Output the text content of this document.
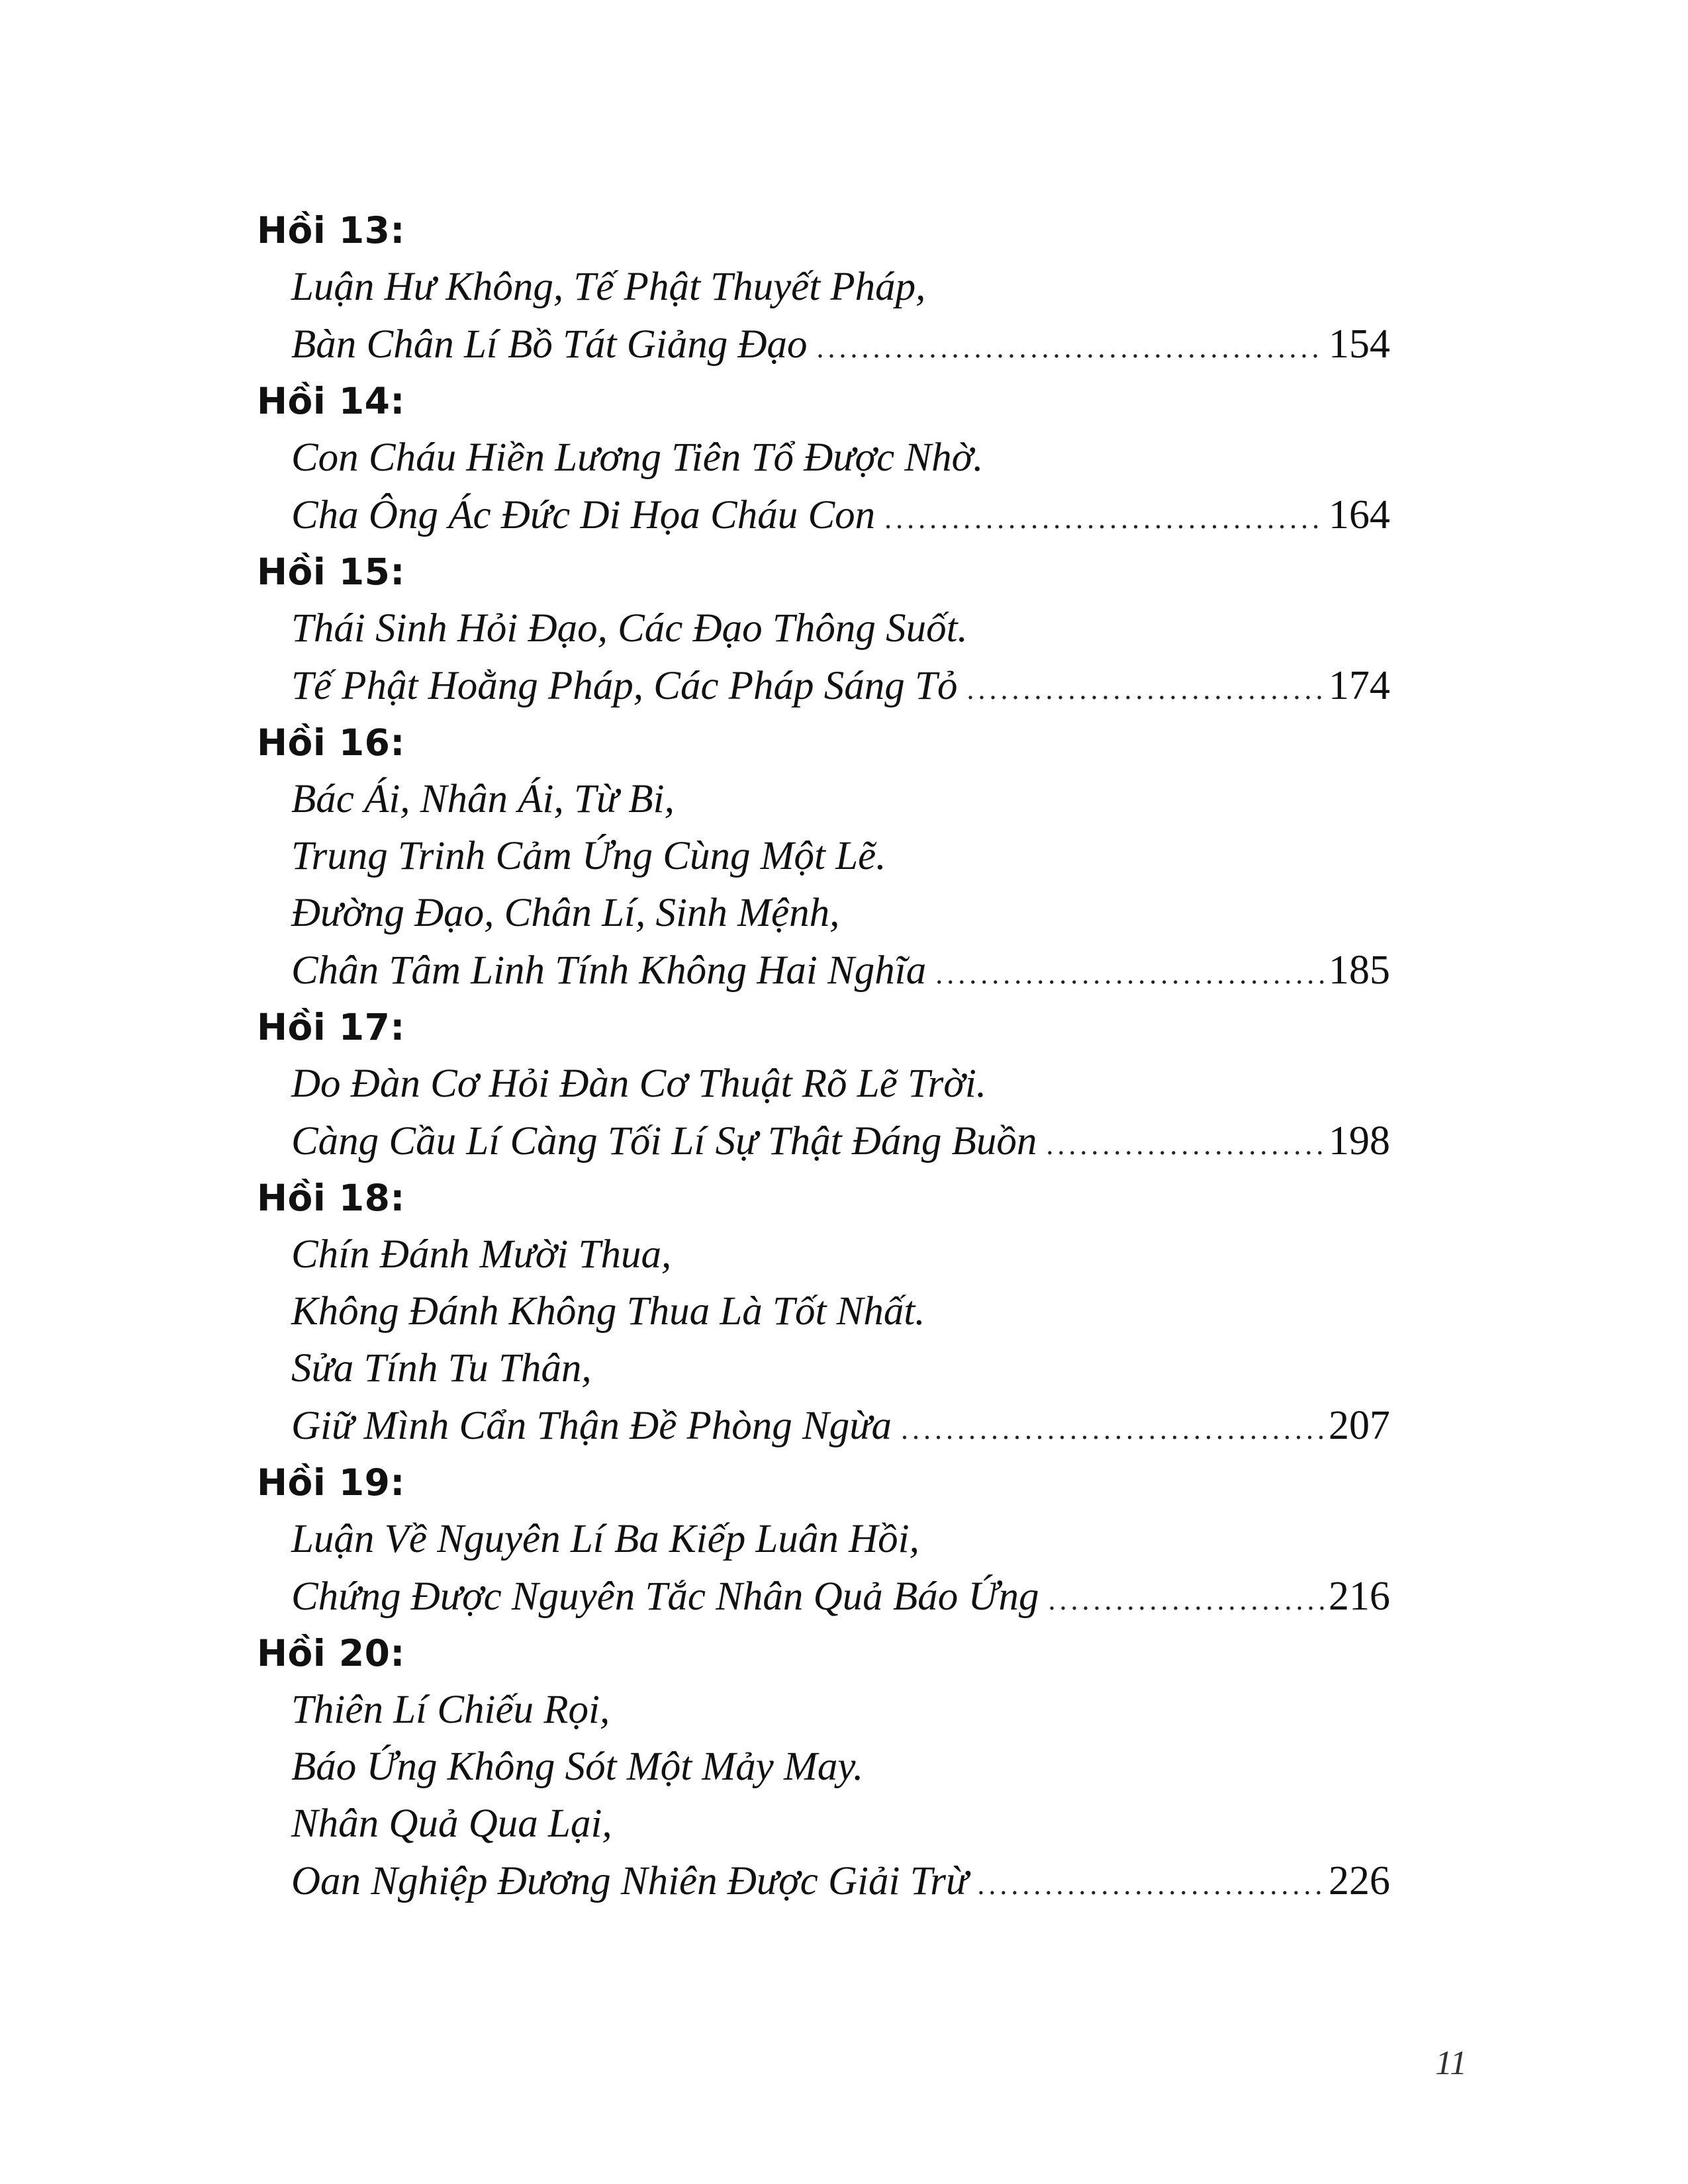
Hồi 13:
Luận Hư Không, Tế Phật Thuyết Pháp,
Bàn Chân Lí Bồ Tát Giảng Đạo .....	154
Hồi 14:
Con Cháu Hiền Lương Tiên Tổ Được Nhờ.
Cha Ông Ác Đức Di Họa Cháu Con .....	164
Hồi 15:
Thái Sinh Hỏi Đạo, Các Đạo Thông Suốt.
Tế Phật Hoằng Pháp, Các Pháp Sáng Tỏ .....	174
Hồi 16:
Bác Ái, Nhân Ái, Từ Bi,
Trung Trinh Cảm Ứng Cùng Một Lẽ.
Đường Đạo, Chân Lí, Sinh Mệnh,
Chân Tâm Linh Tính Không Hai Nghĩa .....	185
Hồi 17:
Do Đàn Cơ Hỏi Đàn Cơ Thuật Rõ Lẽ Trời.
Càng Cầu Lí Càng Tối Lí Sự Thật Đáng Buồn .....	198
Hồi 18:
Chín Đánh Mười Thua,
Không Đánh Không Thua Là Tốt Nhất.
Sửa Tính Tu Thân,
Giữ Mình Cẩn Thận Đề Phòng Ngừa .....	207
Hồi 19:
Luận Về Nguyên Lí Ba Kiếp Luân Hồi,
Chứng Được Nguyên Tắc Nhân Quả Báo Ứng .....	216
Hồi 20:
Thiên Lí Chiếu Rọi,
Báo Ứng Không Sót Một Mảy May.
Nhân Quả Qua Lại,
Oan Nghiệp Đương Nhiên Được Giải Trừ .....	226
11
